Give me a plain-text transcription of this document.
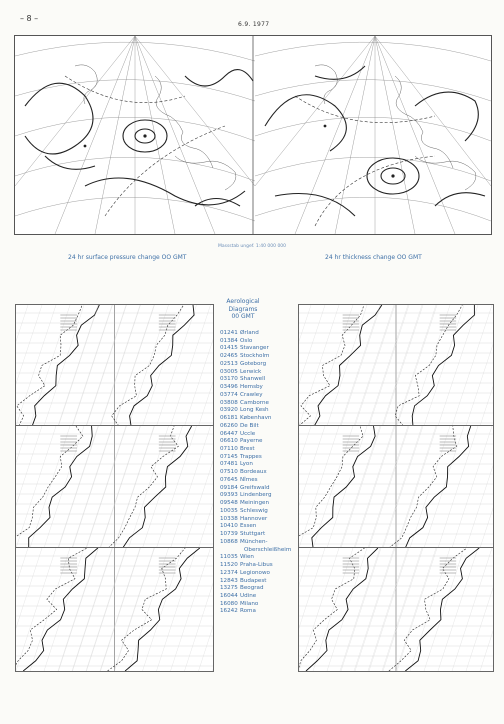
– 8 –
6.9. 1977
Massstab ungef. 1:40 000 000
24 hr surface pressure change OO GMT	24 hr thickness change OO GMT
Aerological
Diagrams
00 GMT
01241 Ørland
01384 Oslo
01415 Stavanger
02465 Stockholm
02513 Goteborg
03005 Lerwick
03170 Shanwell
03496 Hemsby
03774 Crawley
03808 Camborne
03920 Long Kesh
06181 København
06260 De Bilt
06447 Uccle
06610 Payerne
07110 Brest
07145 Trappes
07481 Lyon
07510 Bordeaux
07645 Nîmes
09184 Greifswald
09393 Lindenberg
09548 Meiningen
10035 Schleswig
10338 Hannover
10410 Essen
10739 Stuttgart
10868 München-
Oberschleißheim
11035 Wien
11520 Praha-Libus
12374 Legionowo
12843 Budapest
13275 Beograd
16044 Udine
16080 Milano
16242 Roma
